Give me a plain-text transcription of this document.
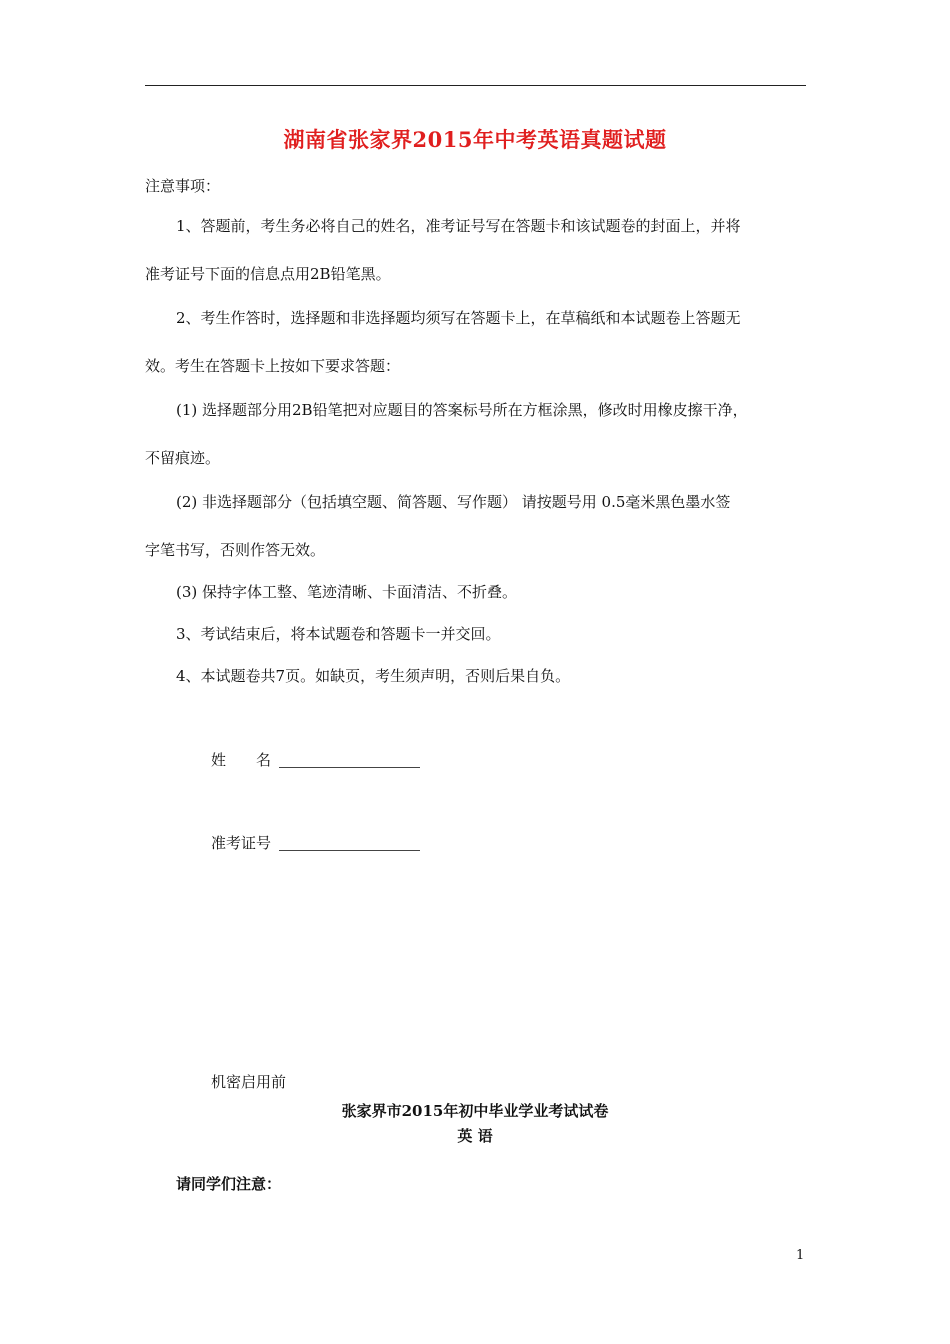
湖南省张家界2015年中考英语真题试题
注意事项：
1、答题前，考生务必将自己的姓名，准考证号写在答题卡和该试题卷的封面上，并将
准考证号下面的信息点用2B铅笔黑。
2、考生作答时，选择题和非选择题均须写在答题卡上，在草稿纸和本试题卷上答题无
效。考生在答题卡上按如下要求答题：
(1) 选择题部分用2B铅笔把对应题目的答案标号所在方框涂黑，修改时用橡皮擦干净，
不留痕迹。
(2) 非选择题部分（包括填空题、简答题、写作题） 请按题号用 0.5毫米黑色墨水签
字笔书写，否则作答无效。
(3) 保持字体工整、笔迹清晰、卡面清洁、不折叠。
3、考试结束后，将本试题卷和答题卡一并交回。
4、本试题卷共7页。如缺页，考生须声明，否则后果自负。
姓　　名
准考证号
机密启用前
张家界市2015年初中毕业学业考试试卷
英 语
请同学们注意：
1
